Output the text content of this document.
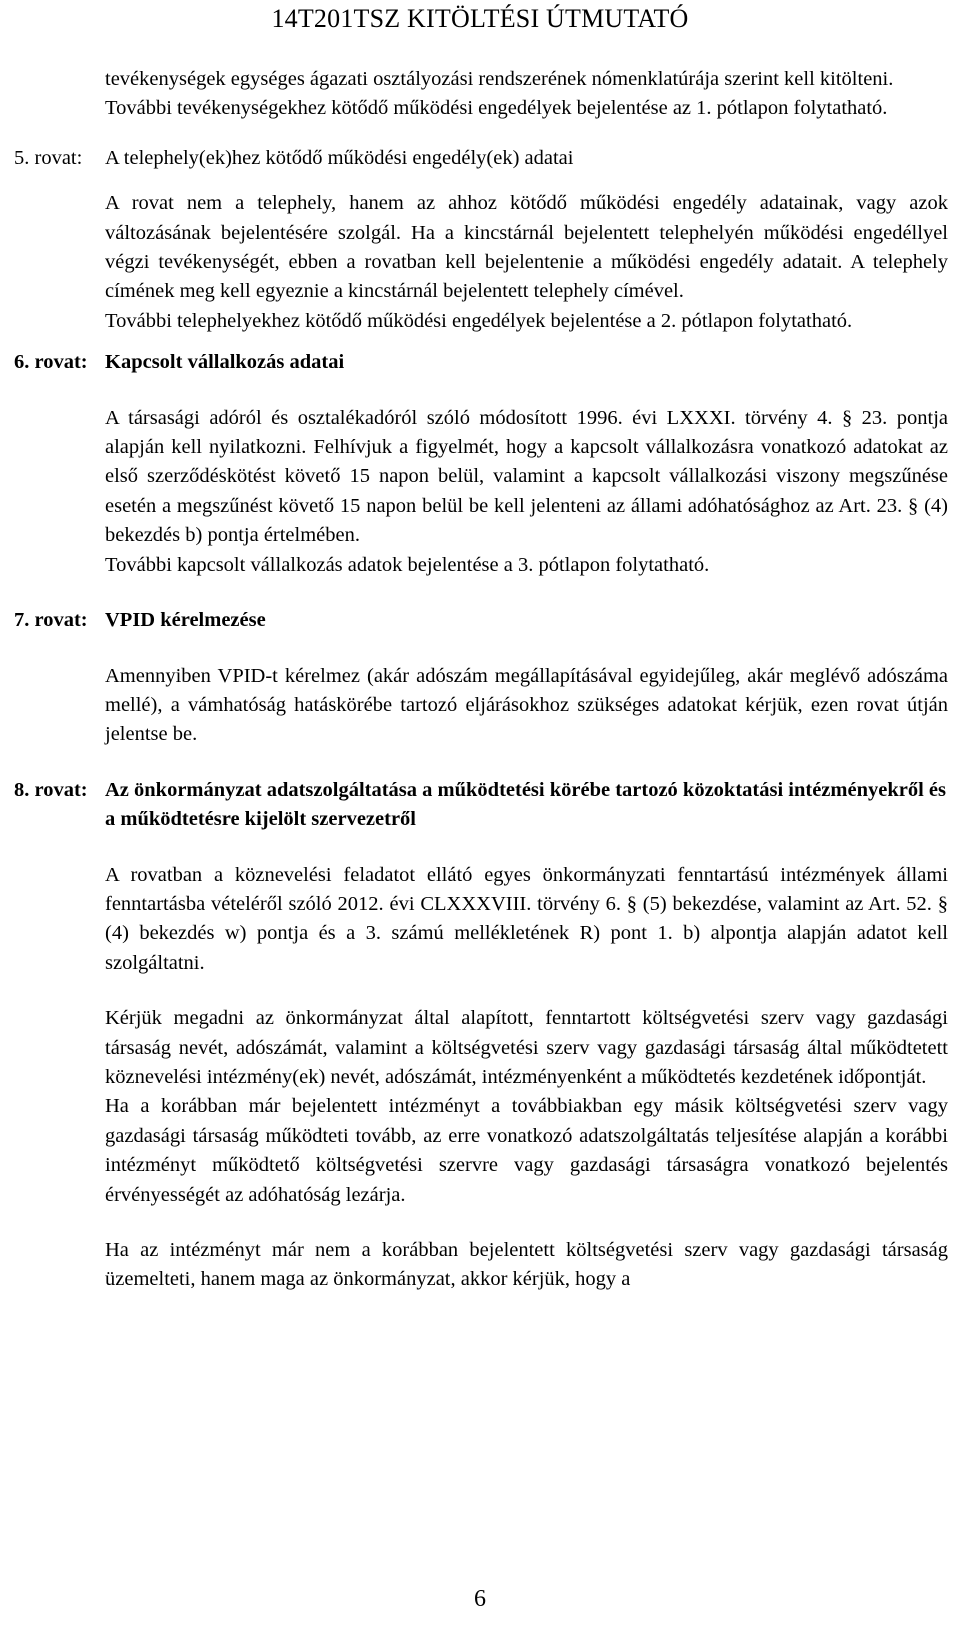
14T201TSZ KITÖLTÉSI ÚTMUTATÓ

tevékenységek egységes ágazati osztályozási rendszerének nómenklatúrája szerint kell kitölteni.

További tevékenységekhez kötődő működési engedélyek bejelentése az 1. pótlapon folytatható.

5. rovat:	A telephely(ek)hez kötődő működési engedély(ek) adatai

A rovat nem a telephely, hanem az ahhoz kötődő működési engedély adatainak, vagy azok változásának bejelentésére szolgál. Ha a kincstárnál bejelentett telephelyén működési engedéllyel végzi tevékenységét, ebben a rovatban kell bejelentenie a működési engedély adatait. A telephely címének meg kell egyeznie a kincstárnál bejelentett telephely címével.

További telephelyekhez kötődő működési engedélyek bejelentése a 2. pótlapon folytatható.

6. rovat: Kapcsolt vállalkozás adatai

A társasági adóról és osztalékadóról szóló módosított 1996. évi LXXXI. törvény 4. § 23. pontja alapján kell nyilatkozni. Felhívjuk a figyelmét, hogy a kapcsolt vállalkozásra vonatkozó adatokat az első szerződéskötést követő 15 napon belül, valamint a kapcsolt vállalkozási viszony megszűnése esetén a megszűnést követő 15 napon belül be kell jelenteni az állami adóhatósághoz az Art. 23. § (4) bekezdés b) pontja értelmében.

További kapcsolt vállalkozás adatok bejelentése a 3. pótlapon folytatható.

7. rovat: VPID kérelmezése

Amennyiben VPID-t kérelmez (akár adószám megállapításával egyidejűleg, akár meglévő adószáma mellé), a vámhatóság hatáskörébe tartozó eljárásokhoz szükséges adatokat kérjük, ezen rovat útján jelentse be.

8. rovat: Az önkormányzat adatszolgáltatása a működtetési körébe tartozó közoktatási intézményekről és a működtetésre kijelölt szervezetről

A rovatban a köznevelési feladatot ellátó egyes önkormányzati fenntartású intézmények állami fenntartásba vételéről szóló 2012. évi CLXXXVIII. törvény 6. § (5) bekezdése, valamint az Art. 52. § (4) bekezdés w) pontja és a 3. számú mellékletének R) pont 1. b) alpontja alapján adatot kell szolgáltatni.

Kérjük megadni az önkormányzat által alapított, fenntartott költségvetési szerv vagy gazdasági társaság nevét, adószámát, valamint a költségvetési szerv vagy gazdasági társaság által működtetett köznevelési intézmény(ek) nevét, adószámát, intézményenként a működtetés kezdetének időpontját.

Ha a korábban már bejelentett intézményt a továbbiakban egy másik költségvetési szerv vagy gazdasági társaság működteti tovább, az erre vonatkozó adatszolgáltatás teljesítése alapján a korábbi intézményt működtető költségvetési szervre vagy gazdasági társaságra vonatkozó bejelentés érvényességét az adóhatóság lezárja.

Ha az intézményt már nem a korábban bejelentett költségvetési szerv vagy gazdasági társaság üzemelteti, hanem maga az önkormányzat, akkor kérjük, hogy a

6
